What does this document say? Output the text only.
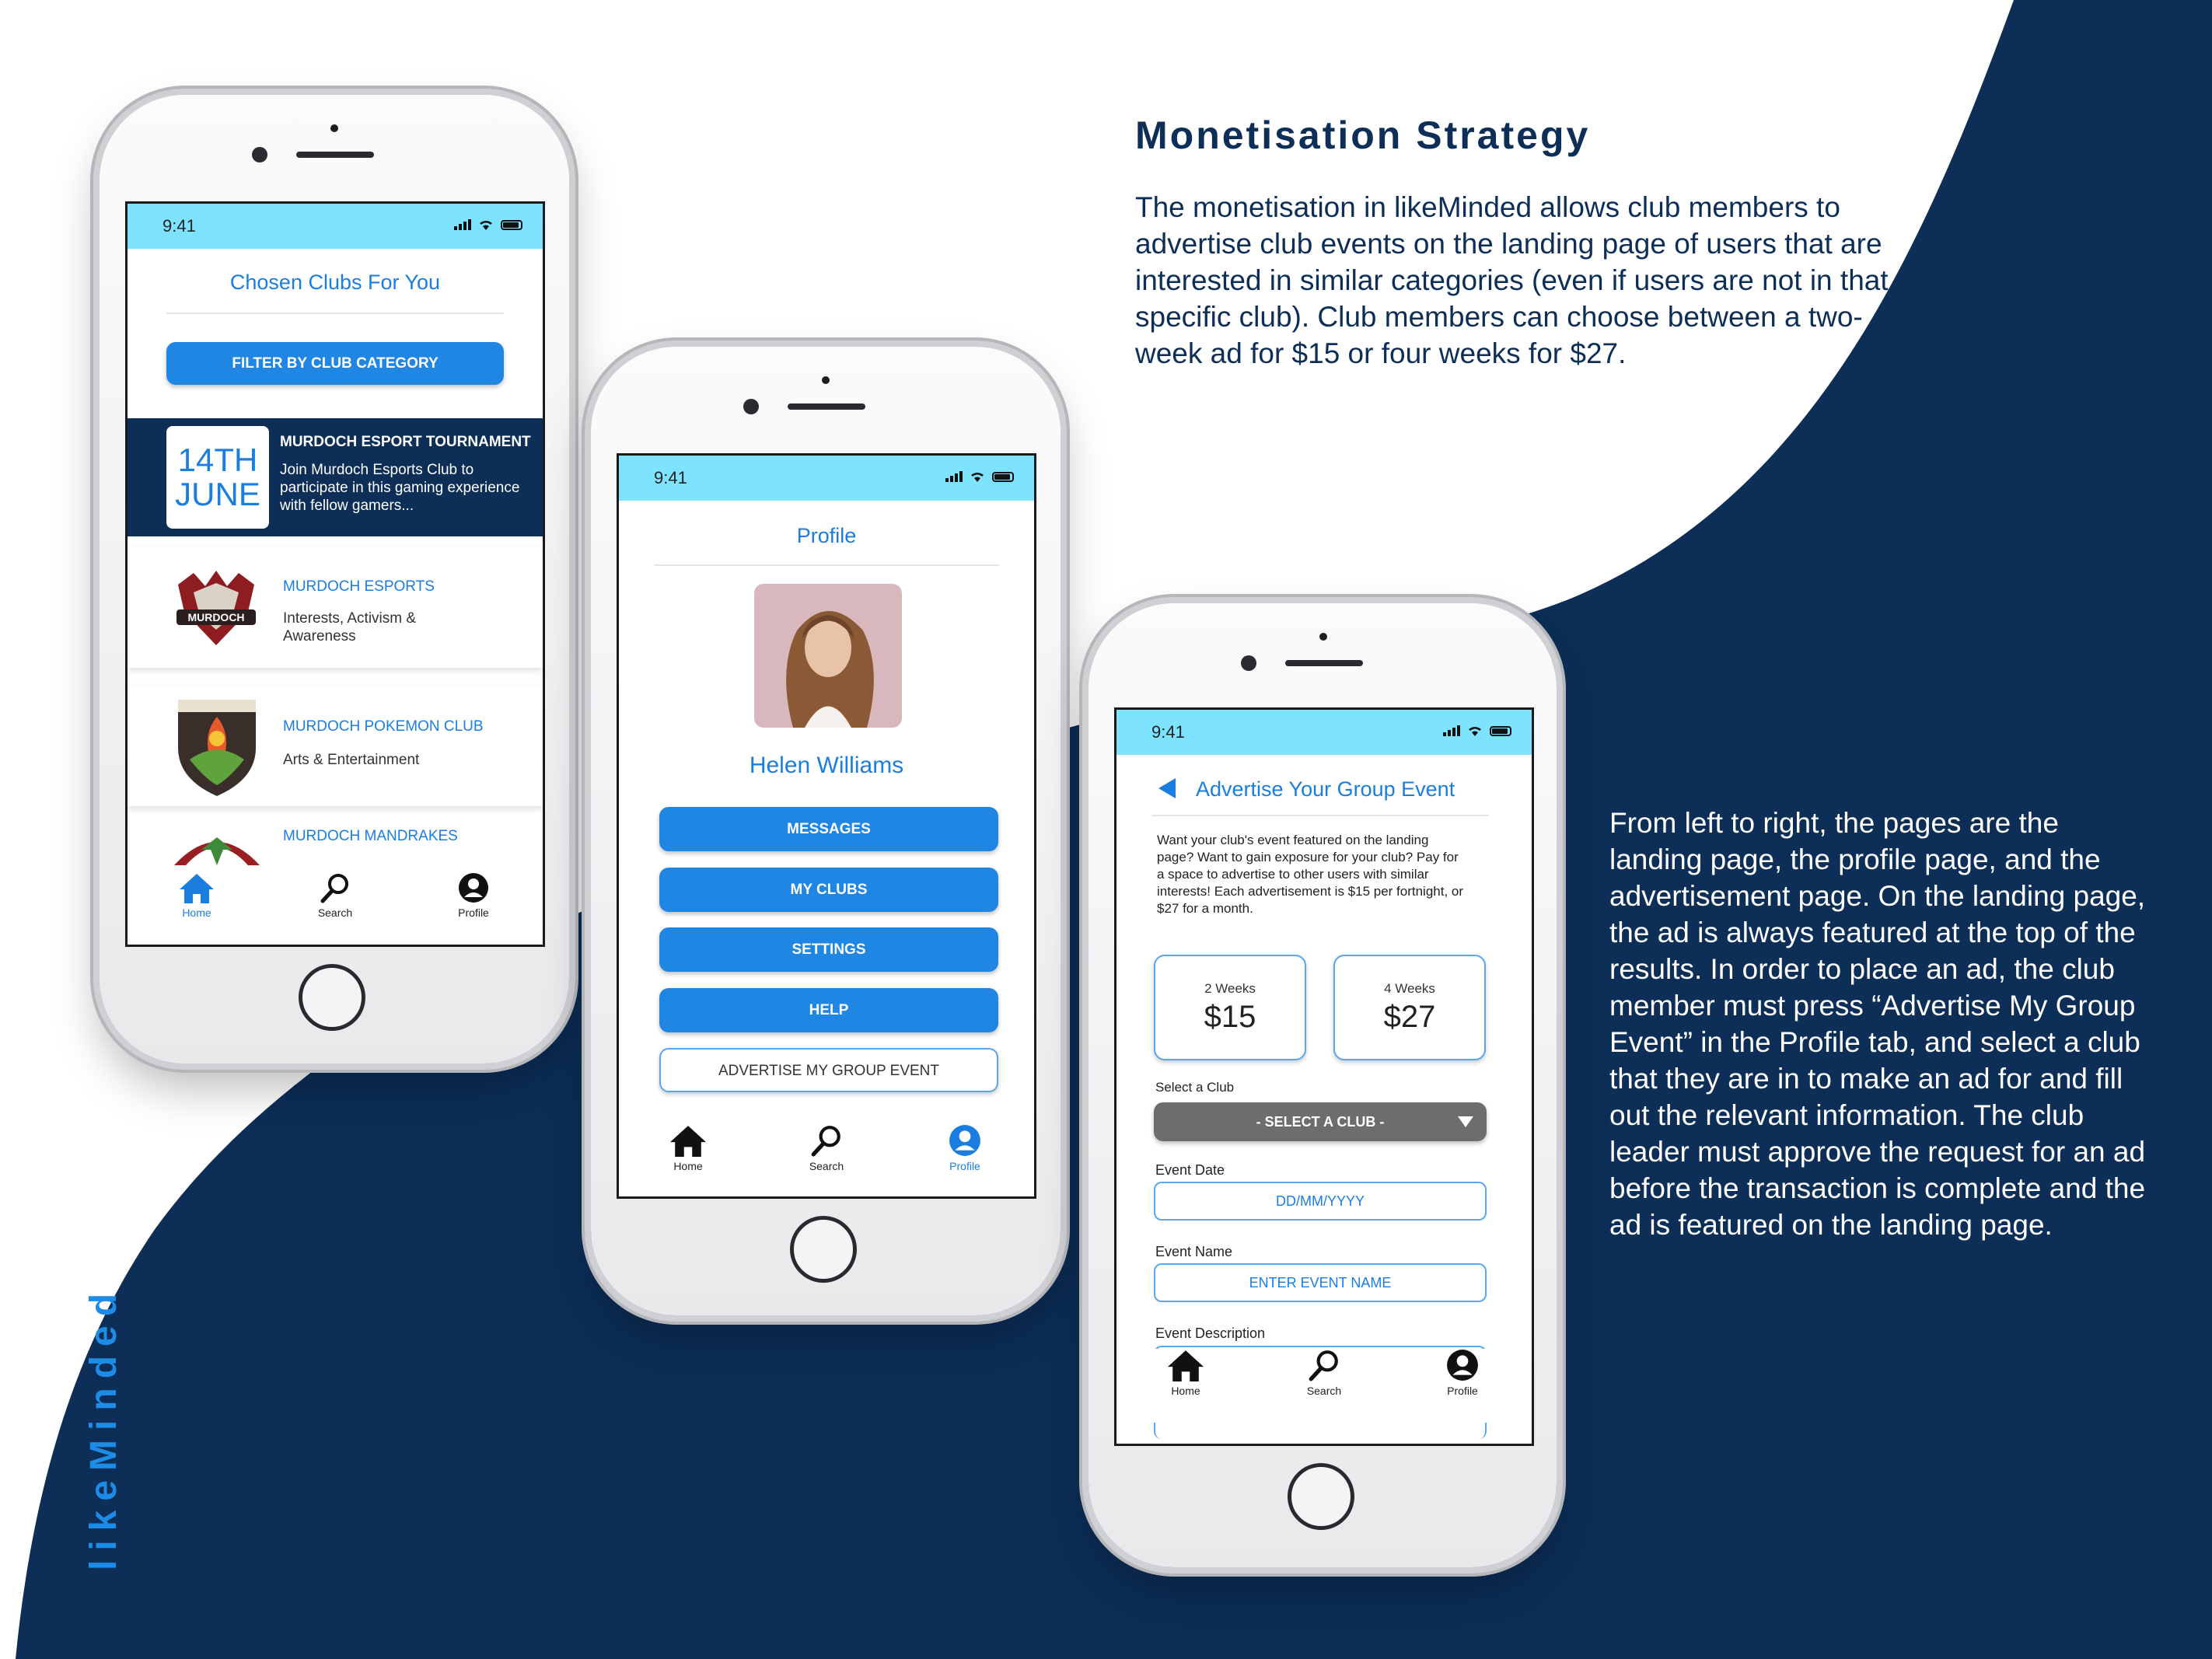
Monetisation Strategy
The monetisation in likeMinded allows club members to advertise club events on the landing page of users that are interested in similar categories (even if users are not in that specific club). Club members can choose between a two-week ad for $15 or four weeks for $27.
From left to right, the pages are the landing page, the profile page, and the advertisement page. On the landing page, the ad is always featured at the top of the results. In order to place an ad, the club member must press “Advertise My Group Event” in the Profile tab, and select a club that they are in to make an ad for and fill out the relevant information. The club leader must approve the request for an ad before the transaction is complete and the ad is featured on the landing page.
likeMinded
9:41
Chosen Clubs For You
FILTER BY CLUB CATEGORY
14TH
JUNE
MURDOCH ESPORT TOURNAMENT
Join Murdoch Esports Club to participate in this gaming experience with fellow gamers...
MURDOCH
MURDOCH ESPORTS
Interests, Activism & Awareness
MURDOCH POKEMON CLUB
Arts & Entertainment
MURDOCH MANDRAKES
Home	Search	Profile
9:41
Profile
Helen Williams
MESSAGES
MY CLUBS
SETTINGS
HELP
ADVERTISE MY GROUP EVENT
Home	Search	Profile
9:41
Advertise Your Group Event
Want your club's event featured on the landing page? Want to gain exposure for your club? Pay for a space to advertise to other users with similar interests! Each advertisement is $15 per fortnight, or $27 for a month.
2 Weeks
$15
4 Weeks
$27
Select a Club
- SELECT A CLUB -
Event Date
DD/MM/YYYY
Event Name
ENTER EVENT NAME
Event Description
Home	Search	Profile
